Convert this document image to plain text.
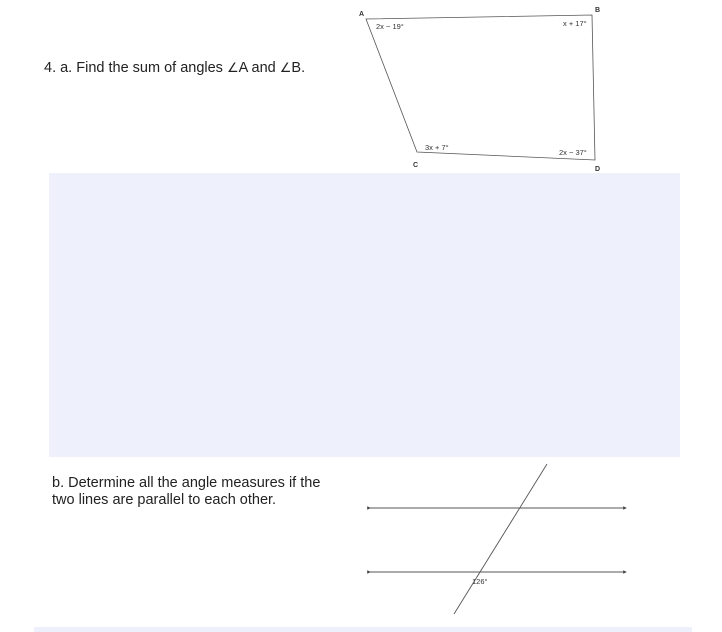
4. a. Find the sum of angles ∠A and ∠B.
A
B
C
D
2x − 19°	x + 17°
3x + 7°
2x − 37°
b. Determine all the angle measures if the two lines are parallel to each other.
126°
